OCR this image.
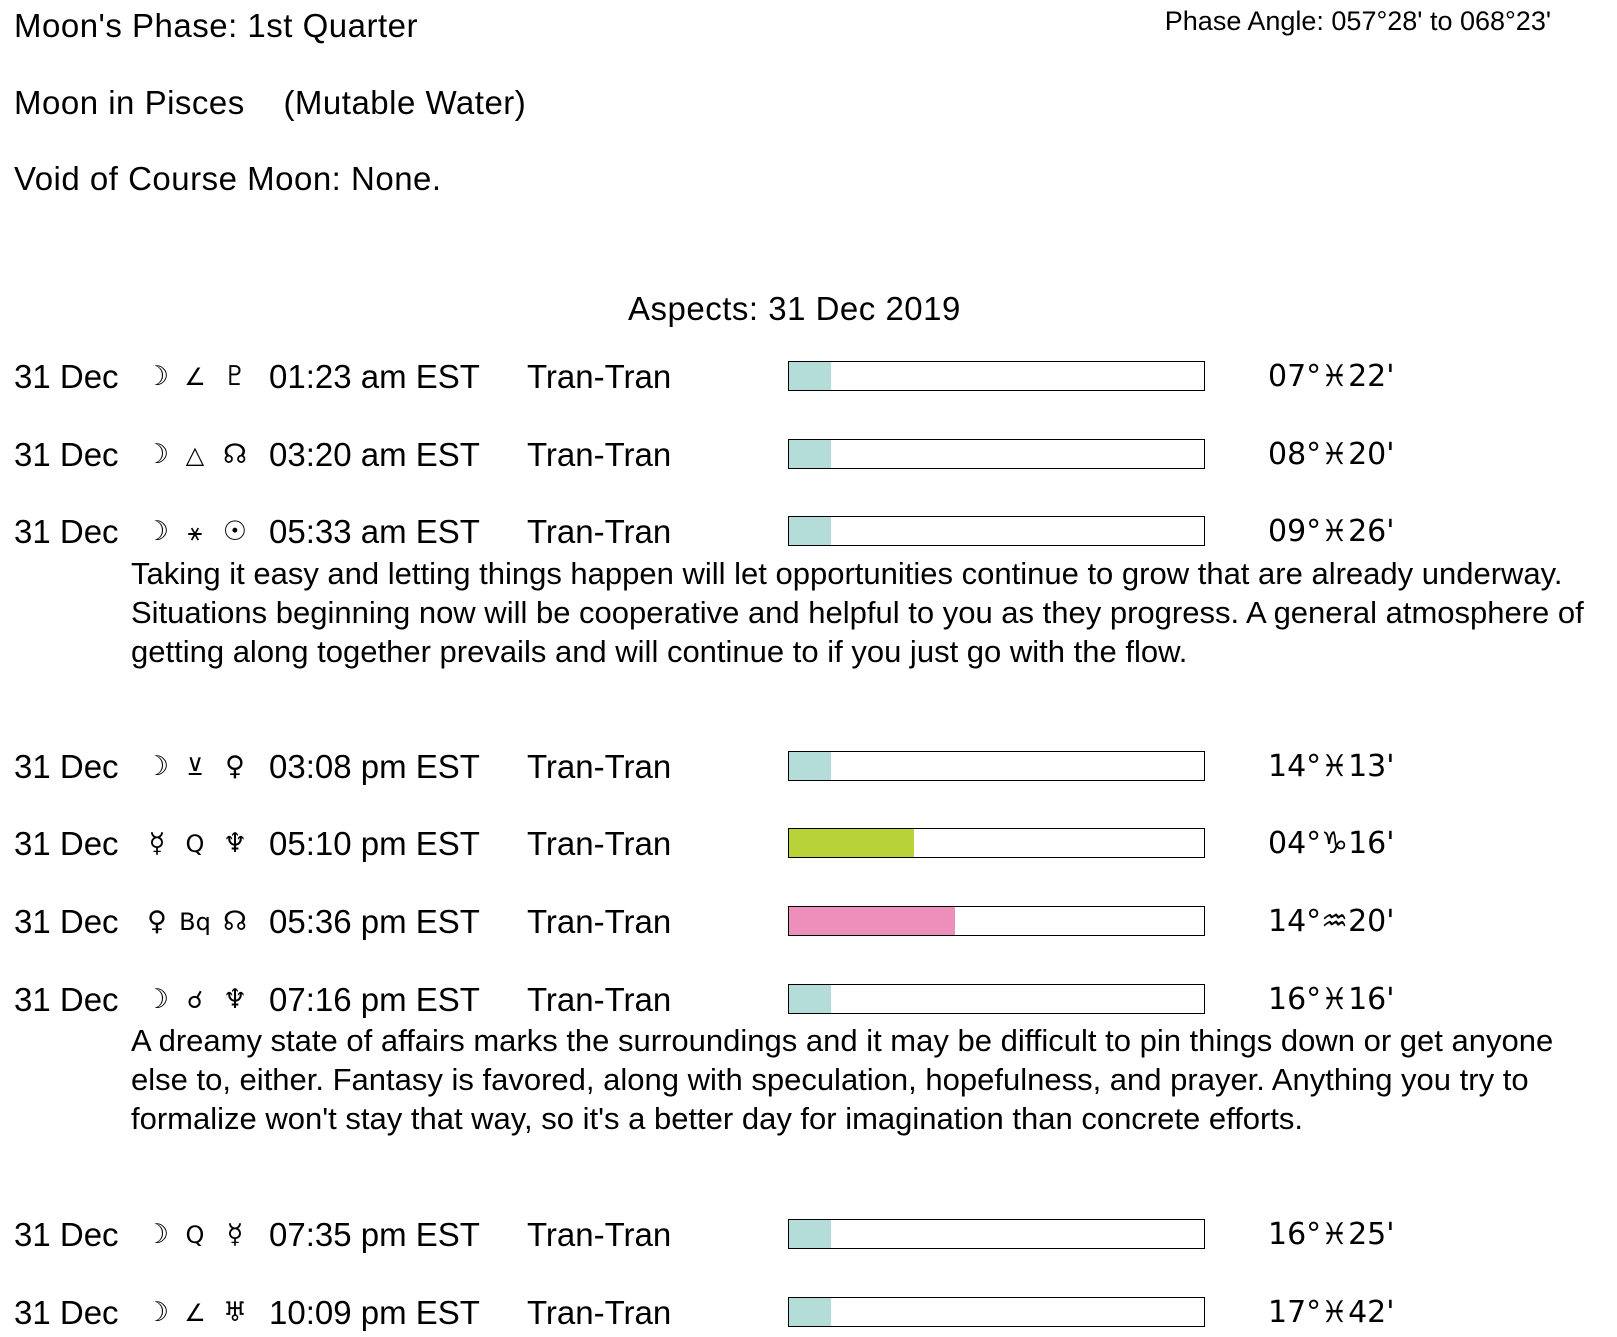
Moon's Phase: 1st Quarter	Phase Angle: 057°28' to 068°23'
Moon in Pisces    (Mutable Water)
Void of Course Moon: None.
Aspects: 31 Dec 2019
31 Dec ☽ ∠ ♇ 01:23 am EST Tran-Tran	07°♓22'
31 Dec ☽ △ ☊ 03:20 am EST Tran-Tran	08°♓20'
31 Dec ☽ ⚹ ☉ 05:33 am EST Tran-Tran	09°♓26'
Taking it easy and letting things happen will let opportunities continue to grow that are already underway. Situations beginning now will be cooperative and helpful to you as they progress. A general atmosphere of getting along together prevails and will continue to if you just go with the flow.
31 Dec ☽ ⊻ ♀ 03:08 pm EST Tran-Tran	14°♓13'
31 Dec	☿ Q ♆ 05:10 pm EST Tran-Tran	04°♑16'
31 Dec ♀ Bq ☊ 05:36 pm EST Tran-Tran	14°♒20'
31 Dec ☽ ☌ ♆ 07:16 pm EST Tran-Tran	16°♓16'
A dreamy state of affairs marks the surroundings and it may be difficult to pin things down or get anyone else to, either. Fantasy is favored, along with speculation, hopefulness, and prayer. Anything you try to formalize won't stay that way, so it's a better day for imagination than concrete efforts.
31 Dec ☽ Q ☿ 07:35 pm EST Tran-Tran	16°♓25'
31 Dec ☽ ∠ ♅ 10:09 pm EST Tran-Tran	17°♓42'
